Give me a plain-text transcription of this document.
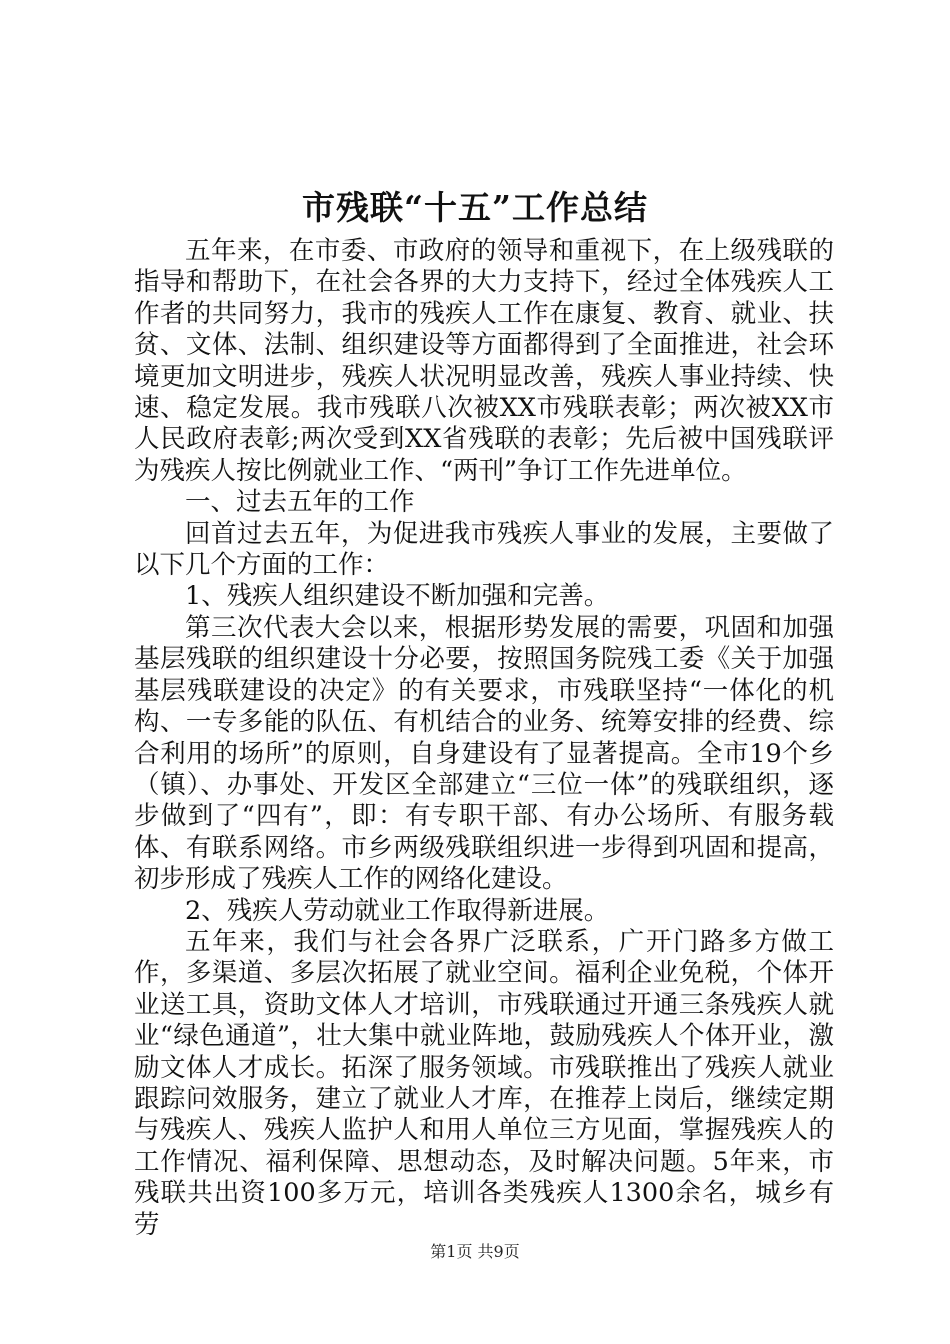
市残联“十五”工作总结

五年来，在市委、市政府的领导和重视下，在上级残联的指导和帮助下，在社会各界的大力支持下，经过全体残疾人工作者的共同努力，我市的残疾人工作在康复、教育、就业、扶贫、文体、法制、组织建设等方面都得到了全面推进，社会环境更加文明进步，残疾人状况明显改善，残疾人事业持续、快速、稳定发展。我市残联八次被XX市残联表彰；两次被XX市人民政府表彰;两次受到XX省残联的表彰；先后被中国残联评为残疾人按比例就业工作、“两刊”争订工作先进单位。

一、过去五年的工作

回首过去五年，为促进我市残疾人事业的发展，主要做了以下几个方面的工作：

1、残疾人组织建设不断加强和完善。

第三次代表大会以来，根据形势发展的需要，巩固和加强基层残联的组织建设十分必要，按照国务院残工委《关于加强基层残联建设的决定》的有关要求，市残联坚持“一体化的机构、一专多能的队伍、有机结合的业务、统筹安排的经费、综合利用的场所”的原则，自身建设有了显著提高。全市19个乡（镇）、办事处、开发区全部建立“三位一体”的残联组织，逐步做到了“四有”，即：有专职干部、有办公场所、有服务载体、有联系网络。市乡两级残联组织进一步得到巩固和提高，初步形成了残疾人工作的网络化建设。

2、残疾人劳动就业工作取得新进展。

五年来，我们与社会各界广泛联系，广开门路多方做工作，多渠道、多层次拓展了就业空间。福利企业免税，个体开业送工具，资助文体人才培训，市残联通过开通三条残疾人就业“绿色通道”，壮大集中就业阵地，鼓励残疾人个体开业，激励文体人才成长。拓深了服务领域。市残联推出了残疾人就业跟踪问效服务，建立了就业人才库，在推荐上岗后，继续定期与残疾人、残疾人监护人和用人单位三方见面，掌握残疾人的工作情况、福利保障、思想动态，及时解决问题。5年来，市残联共出资100多万元，培训各类残疾人1300余名，城乡有劳

第1页 共9页
